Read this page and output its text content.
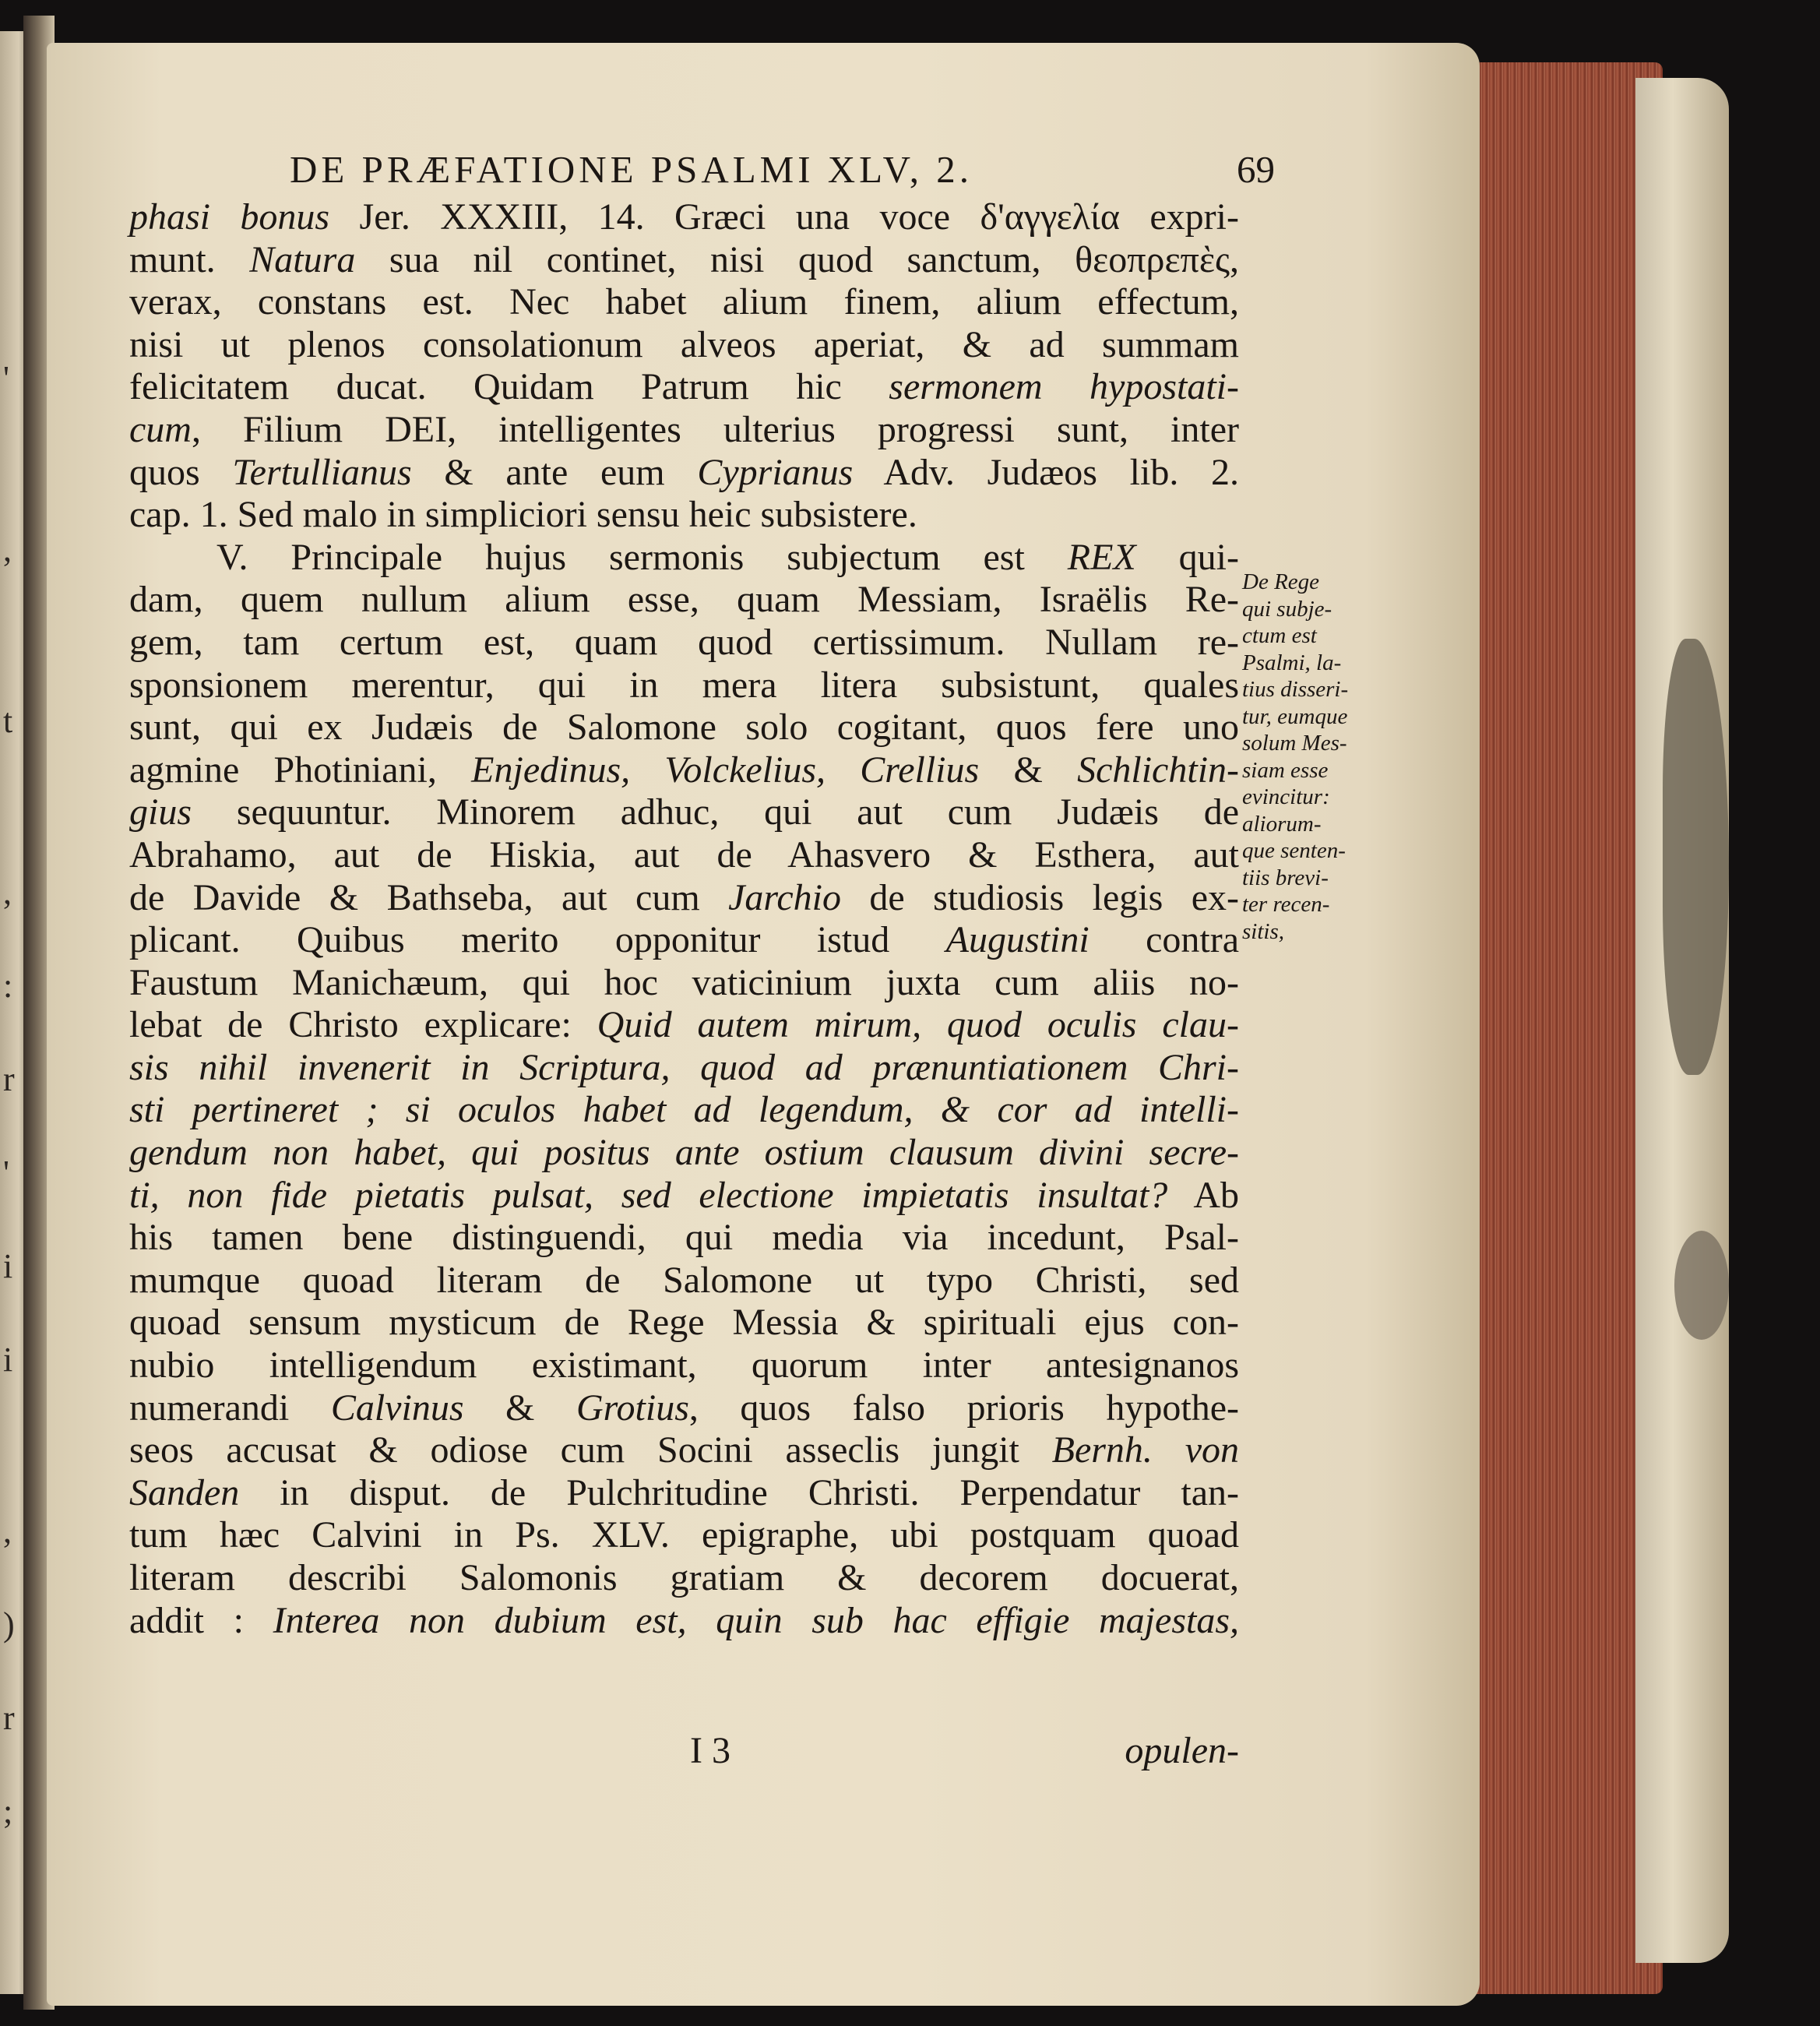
'
,
t
,
:
r
'
i
i
,
)
r
;
DE PRÆFATIONE PSALMI XLV, 2.	69
phasi bonus Jer. XXXIII, 14. Græci una voce δ'αγγελία expri-
munt. Natura sua nil continet, nisi quod sanctum, θεοπρεπὲς,
verax, constans est. Nec habet alium finem, alium effectum,
nisi ut plenos consolationum alveos aperiat, & ad summam
felicitatem ducat. Quidam Patrum hic sermonem hypostati-
cum, Filium DEI, intelligentes ulterius progressi sunt, inter
quos Tertullianus & ante eum Cyprianus Adv. Judæos lib. 2.
cap. 1. Sed malo in simpliciori sensu heic subsistere.
V. Principale hujus sermonis subjectum est REX qui-
dam, quem nullum alium esse, quam Messiam, Israëlis Re-
gem, tam certum est, quam quod certissimum. Nullam re-
sponsionem merentur, qui in mera litera subsistunt, quales
sunt, qui ex Judæis de Salomone solo cogitant, quos fere uno
agmine Photiniani, Enjedinus, Volckelius, Crellius & Schlichtin-
gius sequuntur. Minorem adhuc, qui aut cum Judæis de
Abrahamo, aut de Hiskia, aut de Ahasvero & Esthera, aut
de Davide & Bathseba, aut cum Jarchio de studiosis legis ex-
plicant. Quibus merito opponitur istud Augustini contra
Faustum Manichæum, qui hoc vaticinium juxta cum aliis no-
lebat de Christo explicare: Quid autem mirum, quod oculis clau-
sis nihil invenerit in Scriptura, quod ad prænuntiationem Chri-
sti pertineret ; si oculos habet ad legendum, & cor ad intelli-
gendum non habet, qui positus ante ostium clausum divini secre-
ti, non fide pietatis pulsat, sed electione impietatis insultat? Ab
his tamen bene distinguendi, qui media via incedunt, Psal-
mumque quoad literam de Salomone ut typo Christi, sed
quoad sensum mysticum de Rege Messia & spirituali ejus con-
nubio intelligendum existimant, quorum inter antesignanos
numerandi Calvinus & Grotius, quos falso prioris hypothe-
seos accusat & odiose cum Socini asseclis jungit Bernh. von
Sanden in disput. de Pulchritudine Christi. Perpendatur tan-
tum hæc Calvini in Ps. XLV. epigraphe, ubi postquam quoad
literam describi Salomonis gratiam & decorem docuerat,
addit : Interea non dubium est, quin sub hac effigie majestas,
De Rege
qui subje-
ctum est
Psalmi, la-
tius disseri-
tur, eumque
solum Mes-
siam esse
evincitur:
aliorum-
que senten-
tiis brevi-
ter recen-
sitis,
I 3	opulen-
